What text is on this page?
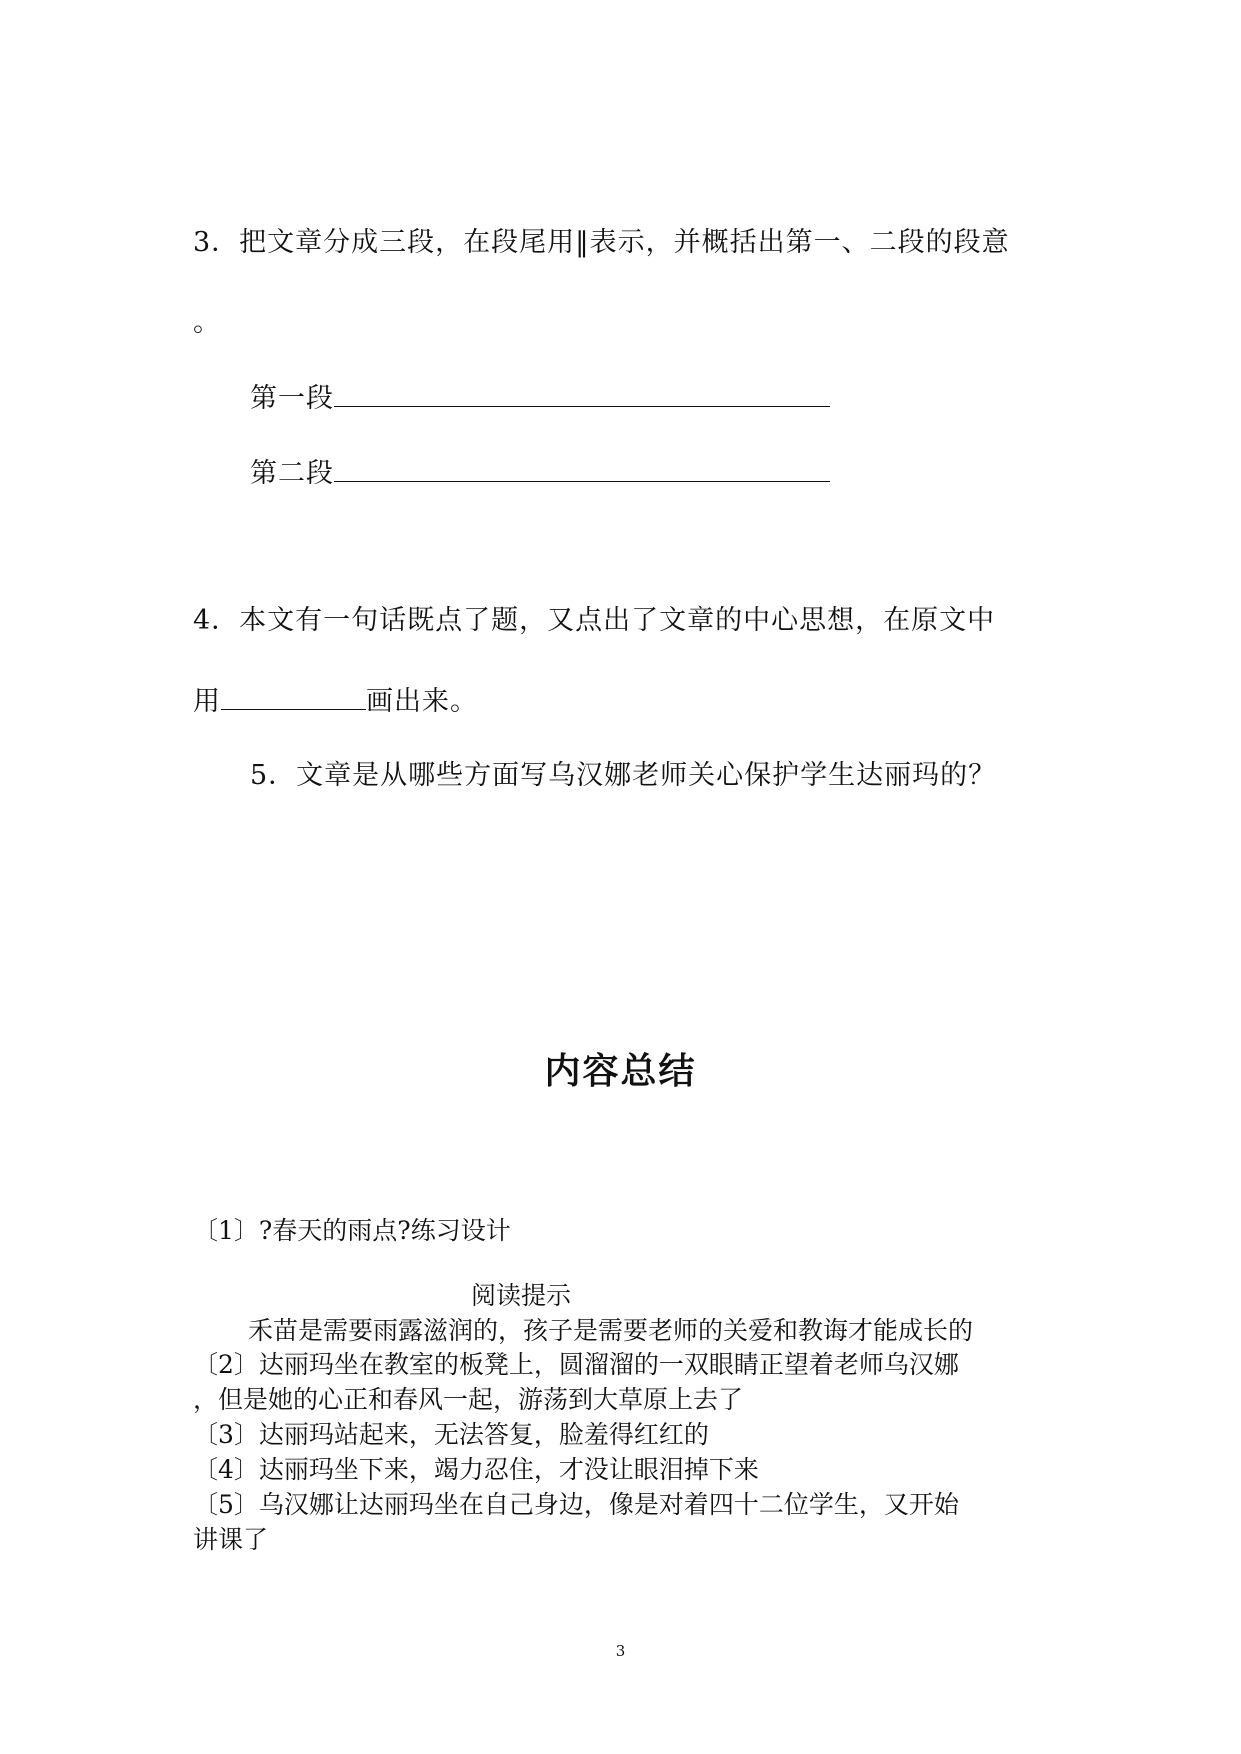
3．把文章分成三段，在段尾用‖表示，并概括出第一、二段的段意
。
第一段
第二段
4．本文有一句话既点了题，又点出了文章的中心思想，在原文中
用	画出来。
5．文章是从哪些方面写乌汉娜老师关心保护学生达丽玛的？
内容总结
〔1〕?春天的雨点?练习设计
阅读提示
禾苗是需要雨露滋润的，孩子是需要老师的关爱和教诲才能成长的
〔2〕达丽玛坐在教室的板凳上，圆溜溜的一双眼睛正望着老师乌汉娜
，但是她的心正和春风一起，游荡到大草原上去了
〔3〕达丽玛站起来，无法答复，脸羞得红红的
〔4〕达丽玛坐下来，竭力忍住，才没让眼泪掉下来
〔5〕乌汉娜让达丽玛坐在自己身边，像是对着四十二位学生，又开始
讲课了
3
